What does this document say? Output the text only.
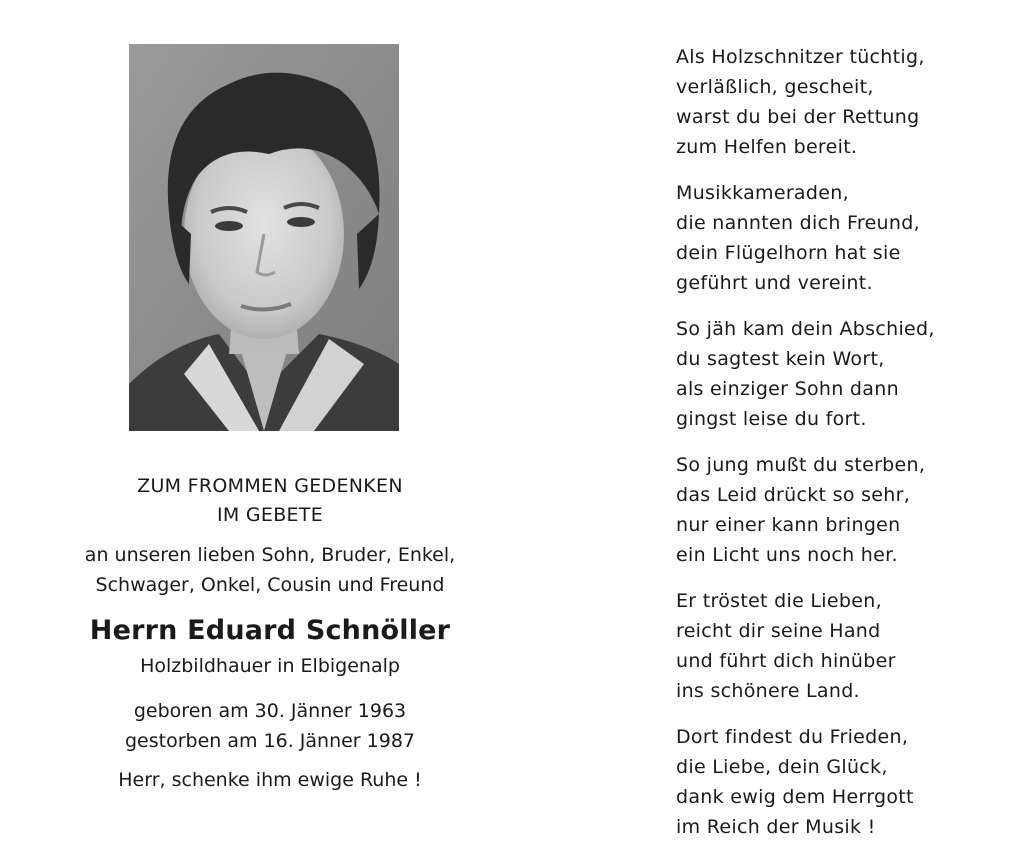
ZUM FROMMEN GEDENKEN
IM GEBETE
an unseren lieben Sohn, Bruder, Enkel,
Schwager, Onkel, Cousin und Freund
Herrn Eduard Schnöller
Holzbildhauer in Elbigenalp
geboren am 30. Jänner 1963
gestorben am 16. Jänner 1987
Herr, schenke ihm ewige Ruhe !
Als Holzschnitzer tüchtig,
verläßlich, gescheit,
warst du bei der Rettung
zum Helfen bereit.
Musikkameraden,
die nannten dich Freund,
dein Flügelhorn hat sie
geführt und vereint.
So jäh kam dein Abschied,
du sagtest kein Wort,
als einziger Sohn dann
gingst leise du fort.
So jung mußt du sterben,
das Leid drückt so sehr,
nur einer kann bringen
ein Licht uns noch her.
Er tröstet die Lieben,
reicht dir seine Hand
und führt dich hinüber
ins schönere Land.
Dort findest du Frieden,
die Liebe, dein Glück,
dank ewig dem Herrgott
im Reich der Musik !
